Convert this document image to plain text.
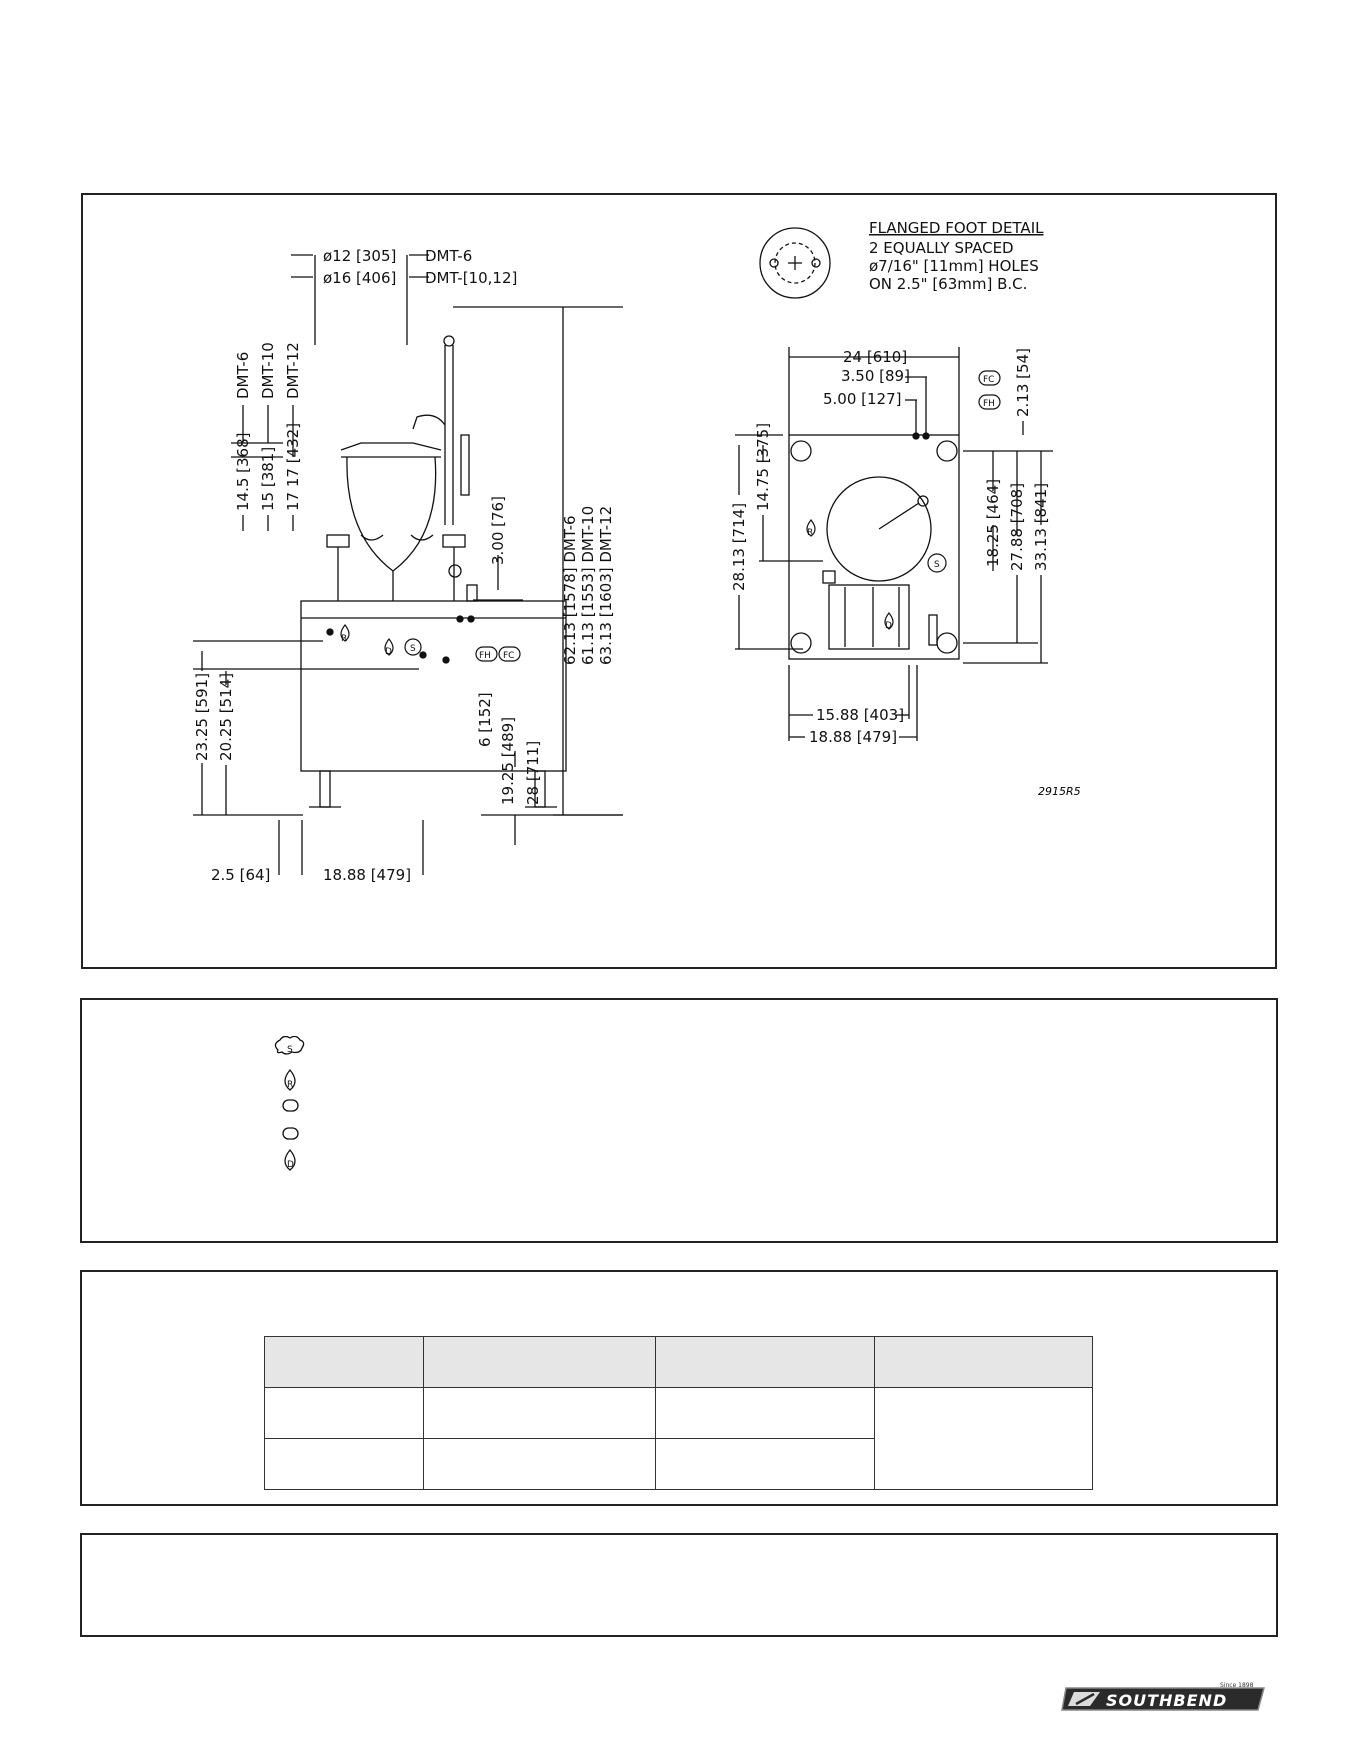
R
D S
R
D
S
ø12 [305] DMT-6
ø16 [406] DMT-[10,12]
DMT-6 DMT-10 DMT-12
14.5 [368] 15 [381] 17 17 [432]
3.00 [76]	62.13 [1578] DMT-6 61.13 [1553] DMT-10 63.13 [1603] DMT-12
FH FC
23.25 [591] 20.25 [514]	6 [152] 19.25 [489] 28 [711]
2.5 [64]	18.88 [479]
FLANGED FOOT DETAIL
2 EQUALLY SPACED
ø7/16" [11mm] HOLES
ON 2.5" [63mm] B.C.
24 [610]
3.50 [89]
5.00 [127]
FC
FH 2.13 [54]
28.13 [714]
14.75 [375]
18.25 [464] 27.88 [708] 33.13 [841]
15.88 [403]
18.88 [479]
2915R5
S
R
D

SOUTHBEND
Since 1898
